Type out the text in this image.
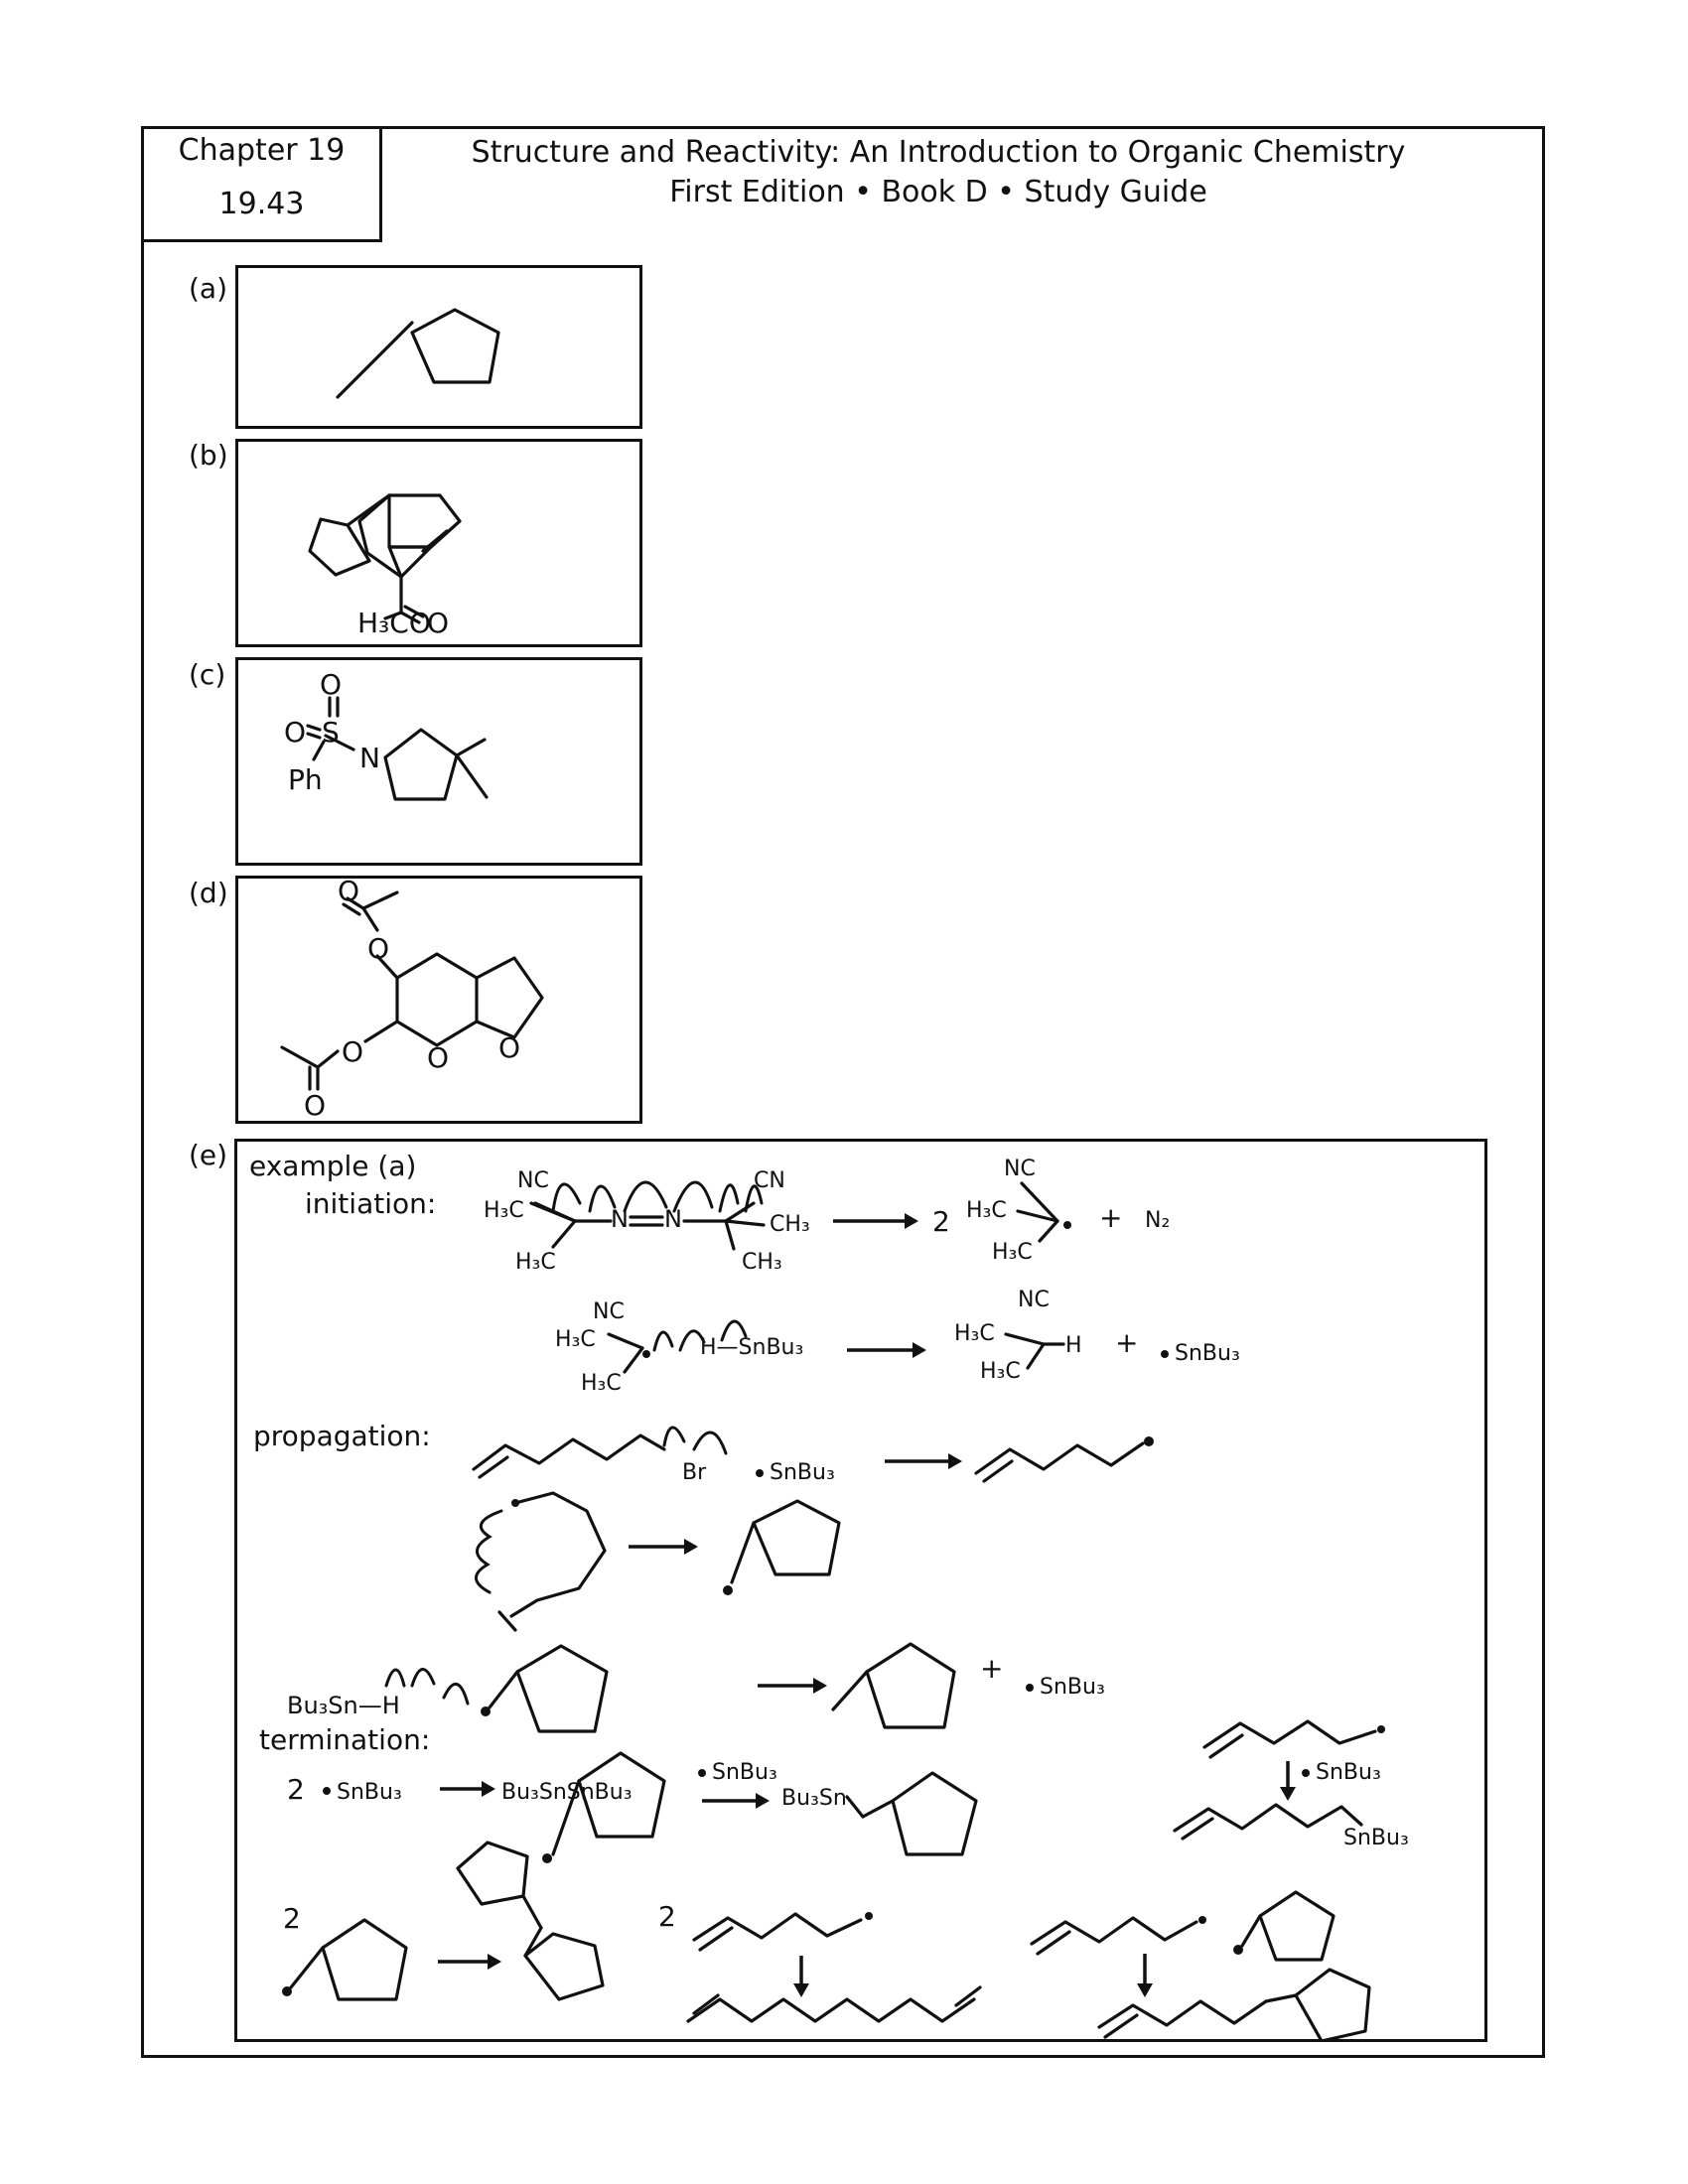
Chapter 19
19.43
Structure and Reactivity: An Introduction to Organic Chemistry
First Edition • Book D • Study Guide
(a)
(b)
(c)
(d)
(e)
H₃CO
O
O
O S
N
Ph
O
O
O
O
O O
example (a)
initiation:
NC
H₃C
H₃C
N N
CN
CH₃
CH₃
2
NC
H₃C
H₃C
+ N₂
NC
H₃C
H₃C
H—SnBu₃
NC
H₃C
H₃C
H + SnBu₃
propagation:
Br	SnBu₃
Bu₃Sn—H
+
SnBu₃
termination:
2 SnBu₃	Bu₃SnSnBu₃
SnBu₃
Bu₃Sn
SnBu₃
SnBu₃
2	2
